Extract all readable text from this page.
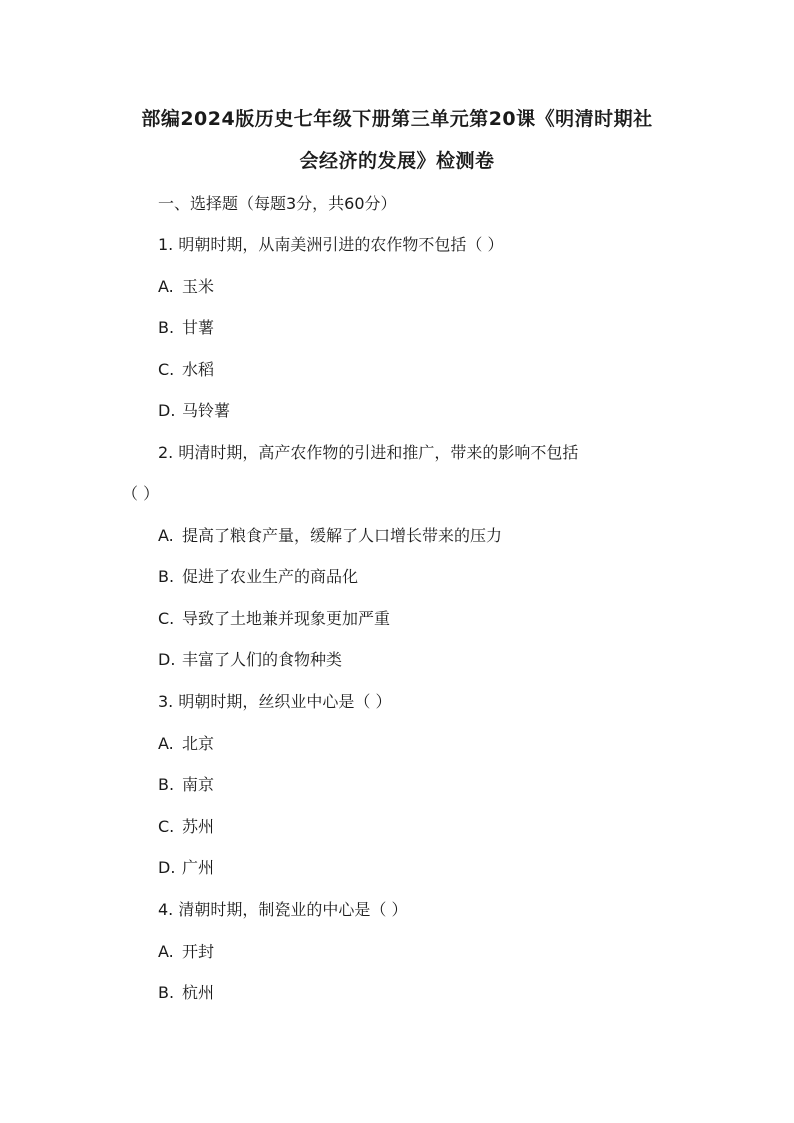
部编2024版历史七年级下册第三单元第20课《明清时期社
会经济的发展》检测卷
一、选择题（每题3分，共60分）
1. 明朝时期，从南美洲引进的农作物不包括（ ）
A. 玉米
B. 甘薯
C. 水稻
D. 马铃薯
2. 明清时期，高产农作物的引进和推广，带来的影响不包括
（ ）
A. 提高了粮食产量，缓解了人口增长带来的压力
B. 促进了农业生产的商品化
C. 导致了土地兼并现象更加严重
D. 丰富了人们的食物种类
3. 明朝时期，丝织业中心是（ ）
A. 北京
B. 南京
C. 苏州
D. 广州
4. 清朝时期，制瓷业的中心是（ ）
A. 开封
B. 杭州
